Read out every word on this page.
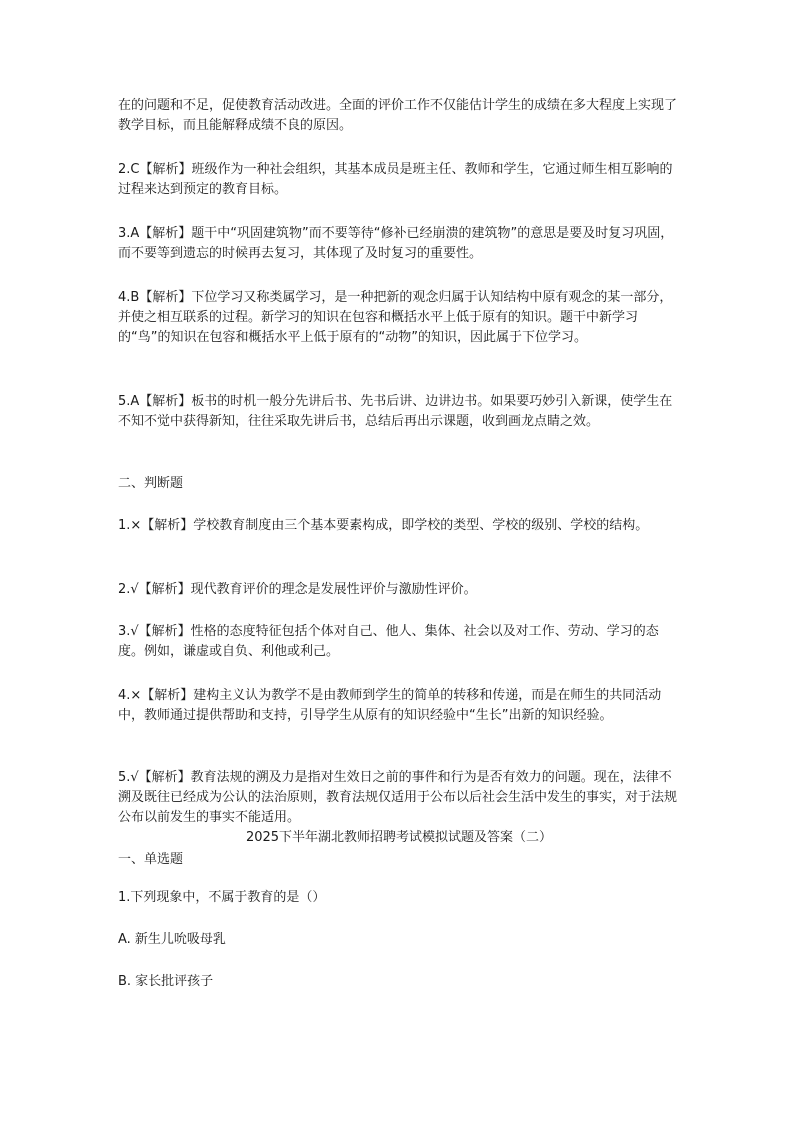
在的问题和不足，促使教育活动改进。全面的评价工作不仅能估计学生的成绩在多大程度上实现了教学目标，而且能解释成绩不良的原因。

2.C【解析】班级作为一种社会组织，其基本成员是班主任、教师和学生，它通过师生相互影响的过程来达到预定的教育目标。

3.A【解析】题干中“巩固建筑物”而不要等待“修补已经崩溃的建筑物”的意思是要及时复习巩固，而不要等到遗忘的时候再去复习，其体现了及时复习的重要性。

4.B【解析】下位学习又称类属学习，是一种把新的观念归属于认知结构中原有观念的某一部分，并使之相互联系的过程。新学习的知识在包容和概括水平上低于原有的知识。题干中新学习的“鸟”的知识在包容和概括水平上低于原有的“动物”的知识，因此属于下位学习。

5.A【解析】板书的时机一般分先讲后书、先书后讲、边讲边书。如果要巧妙引入新课，使学生在不知不觉中获得新知，往往采取先讲后书，总结后再出示课题，收到画龙点睛之效。

二、判断题

1.×【解析】学校教育制度由三个基本要素构成，即学校的类型、学校的级别、学校的结构。

2.√【解析】现代教育评价的理念是发展性评价与激励性评价。

3.√【解析】性格的态度特征包括个体对自己、他人、集体、社会以及对工作、劳动、学习的态度。例如，谦虚或自负、利他或利己。

4.×【解析】建构主义认为教学不是由教师到学生的简单的转移和传递，而是在师生的共同活动中，教师通过提供帮助和支持，引导学生从原有的知识经验中“生长”出新的知识经验。

5.√【解析】教育法规的溯及力是指对生效日之前的事件和行为是否有效力的问题。现在，法律不溯及既往已经成为公认的法治原则，教育法规仅适用于公布以后社会生活中发生的事实，对于法规公布以前发生的事实不能适用。

2025下半年湖北教师招聘考试模拟试题及答案（二）

一、单选题

1.下列现象中，不属于教育的是（）

A. 新生儿吮吸母乳

B. 家长批评孩子
